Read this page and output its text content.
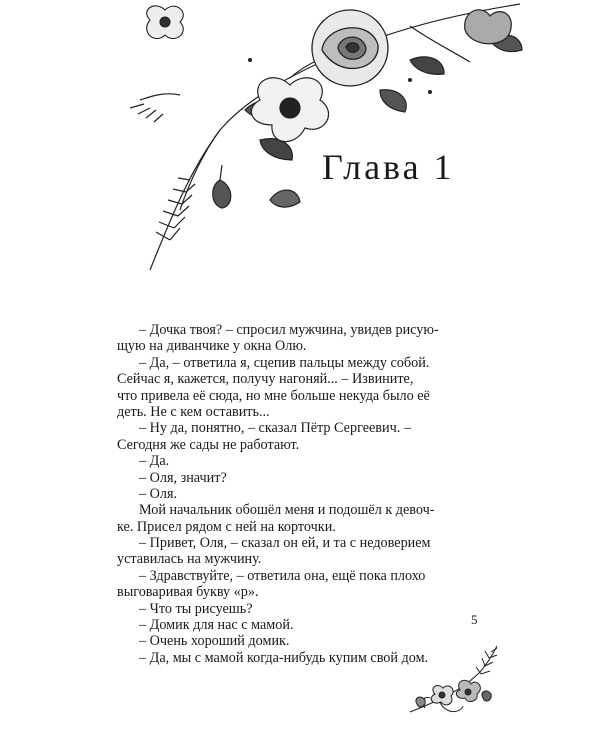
Глава 1
– Дочка твоя? – спросил мужчина, увидев рисую-
щую на диванчике у окна Олю.
– Да, – ответила я, сцепив пальцы между собой.
Сейчас я, кажется, получу нагоняй... – Извините,
что привела её сюда, но мне больше некуда было её
деть. Не с кем оставить...
– Ну да, понятно, – сказал Пётр Сергеевич. –
Сегодня же сады не работают.
– Да.
– Оля, значит?
– Оля.
Мой начальник обошёл меня и подошёл к девоч-
ке. Присел рядом с ней на корточки.
– Привет, Оля, – сказал он ей, и та с недоверием
уставилась на мужчину.
– Здравствуйте, – ответила она, ещё пока плохо
выговаривая букву «р».
– Что ты рисуешь?
– Домик для нас с мамой.
– Очень хороший домик.
– Да, мы с мамой когда-нибудь купим свой дом.
5
